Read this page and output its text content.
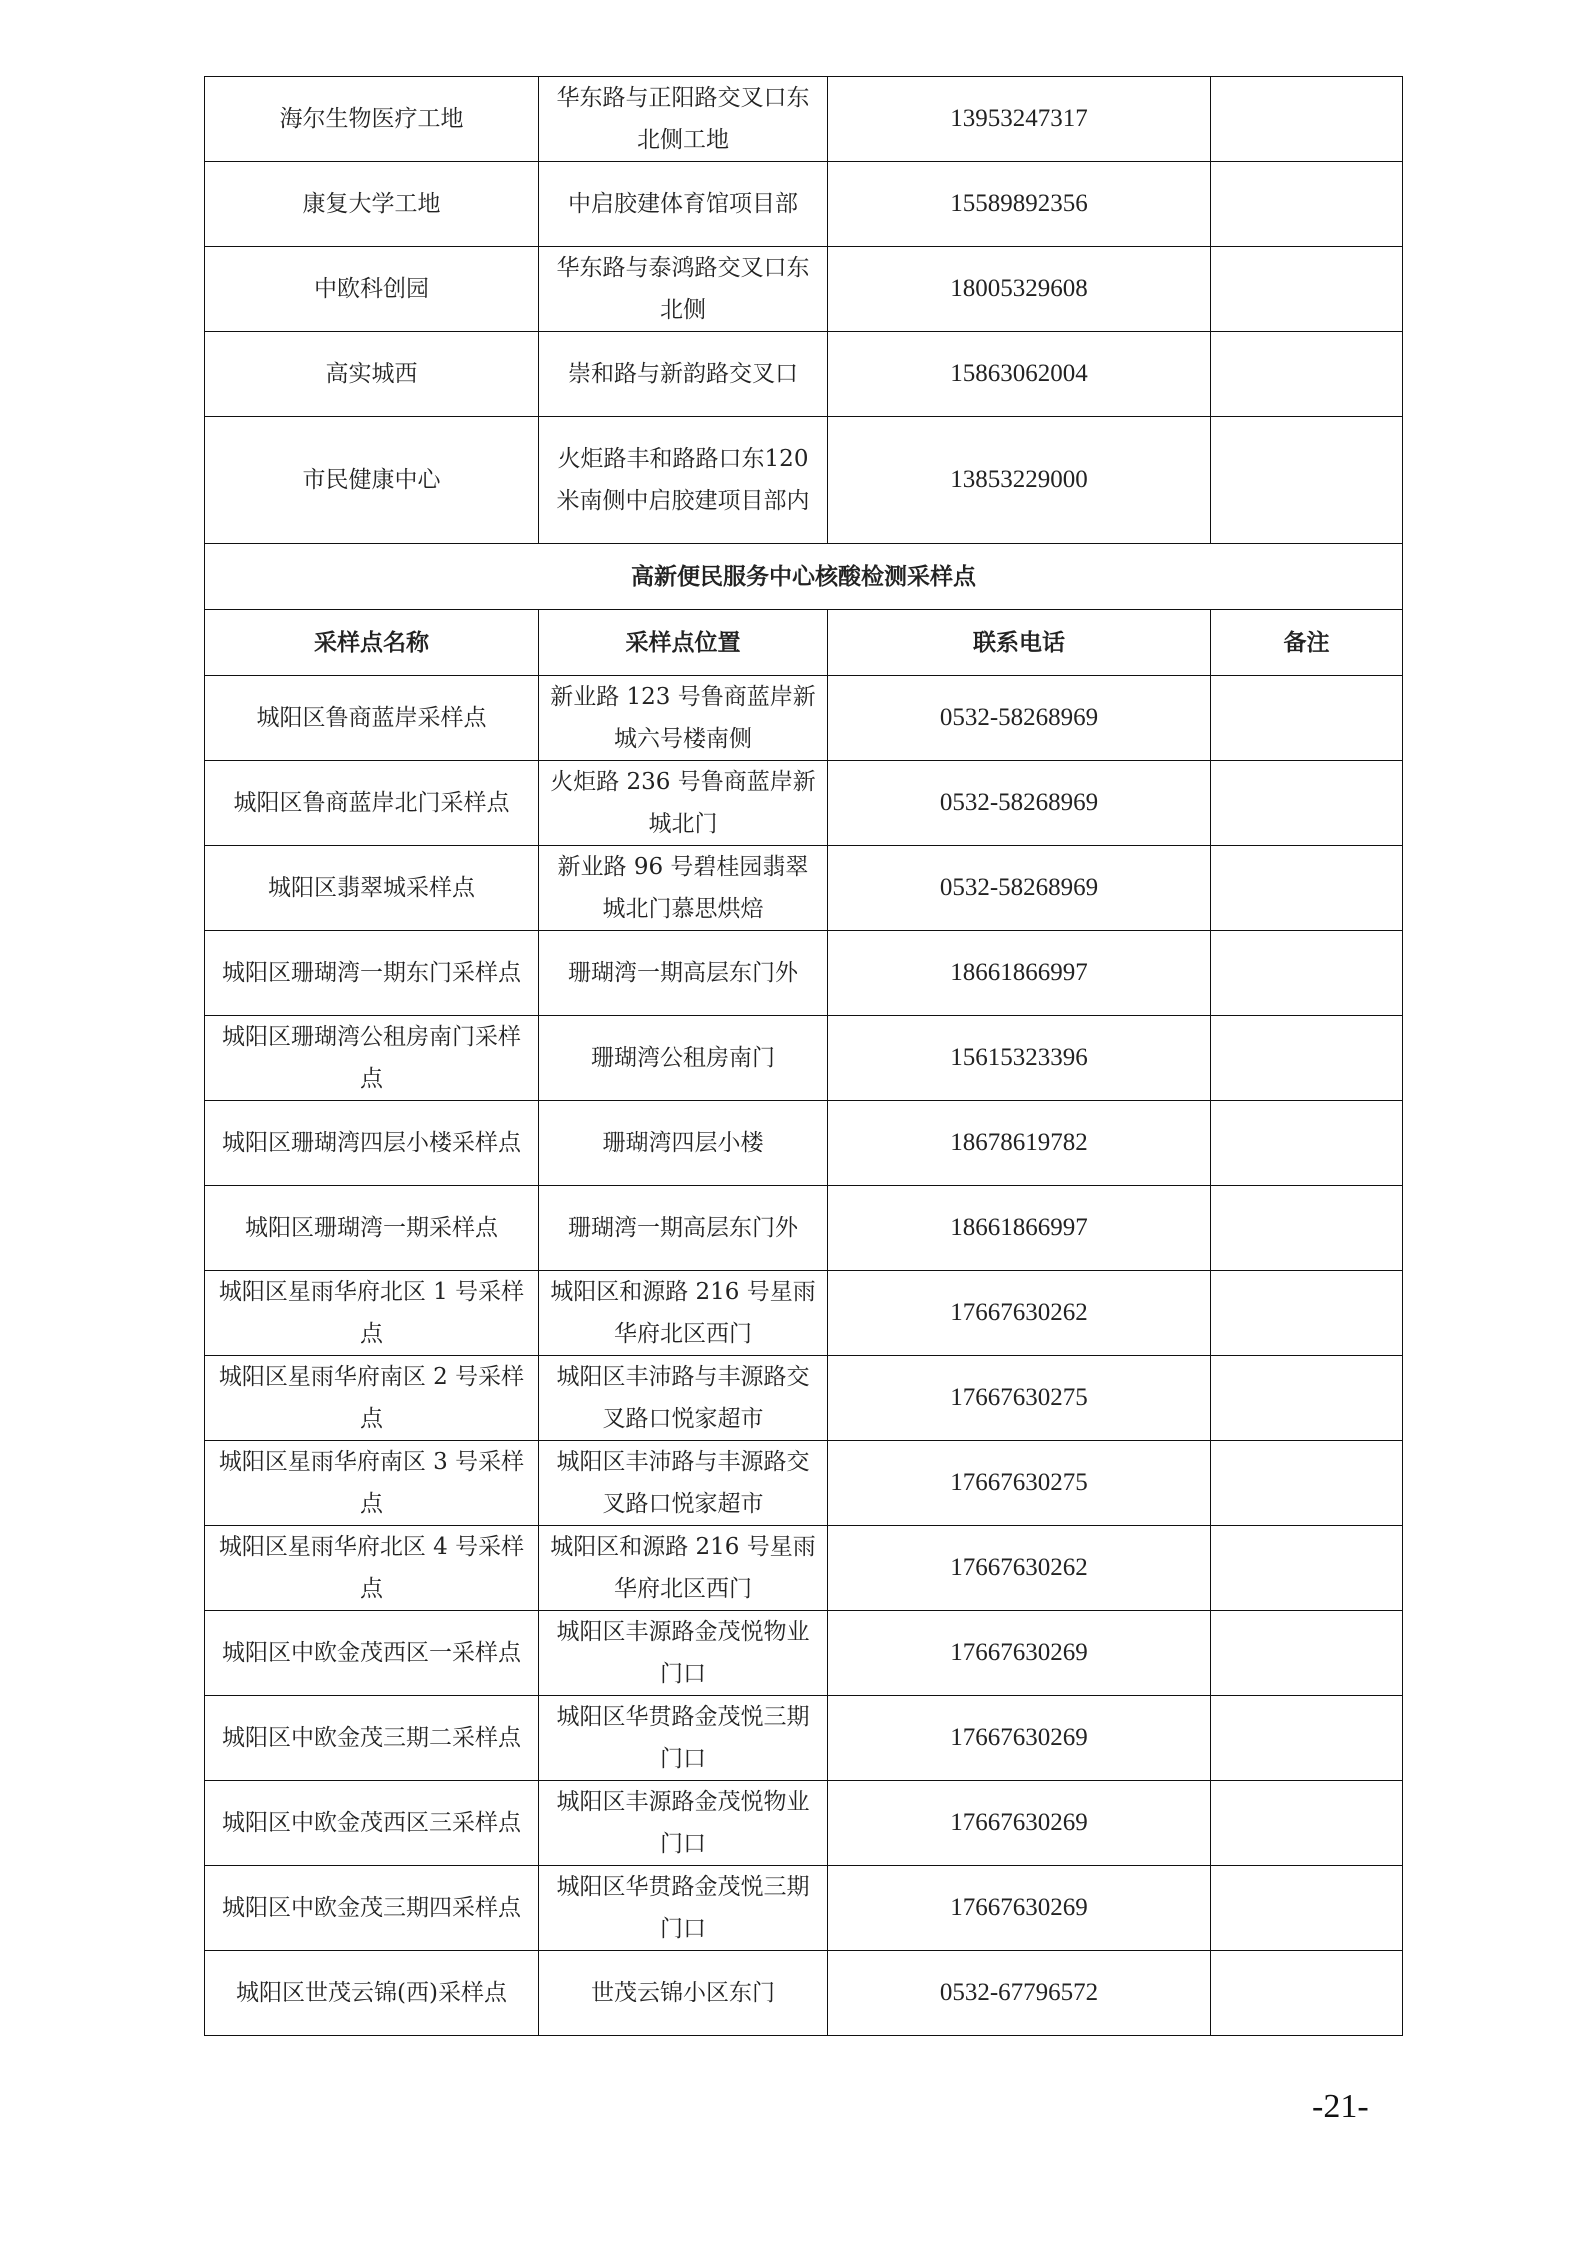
海尔生物医疗工地	华东路与正阳路交叉口东北侧工地	13953247317	
康复大学工地	中启胶建体育馆项目部	15589892356	
中欧科创园	华东路与泰鸿路交叉口东北侧	18005329608	
高实城西	崇和路与新韵路交叉口	15863062004	
市民健康中心	火炬路丰和路路口东120米南侧中启胶建项目部内	13853229000	
高新便民服务中心核酸检测采样点			
采样点名称	采样点位置	联系电话	备注
城阳区鲁商蓝岸采样点	新业路 123 号鲁商蓝岸新城六号楼南侧	0532-58268969	
城阳区鲁商蓝岸北门采样点	火炬路 236 号鲁商蓝岸新城北门	0532-58268969	
城阳区翡翠城采样点	新业路 96 号碧桂园翡翠城北门慕思烘焙	0532-58268969	
城阳区珊瑚湾一期东门采样点	珊瑚湾一期高层东门外	18661866997	
城阳区珊瑚湾公租房南门采样点	珊瑚湾公租房南门	15615323396	
城阳区珊瑚湾四层小楼采样点	珊瑚湾四层小楼	18678619782	
城阳区珊瑚湾一期采样点	珊瑚湾一期高层东门外	18661866997	
城阳区星雨华府北区 1 号采样点	城阳区和源路 216 号星雨华府北区西门	17667630262	
城阳区星雨华府南区 2 号采样点	城阳区丰沛路与丰源路交叉路口悦家超市	17667630275	
城阳区星雨华府南区 3 号采样点	城阳区丰沛路与丰源路交叉路口悦家超市	17667630275	
城阳区星雨华府北区 4 号采样点	城阳区和源路 216 号星雨华府北区西门	17667630262	
城阳区中欧金茂西区一采样点	城阳区丰源路金茂悦物业门口	17667630269	
城阳区中欧金茂三期二采样点	城阳区华贯路金茂悦三期门口	17667630269	
城阳区中欧金茂西区三采样点	城阳区丰源路金茂悦物业门口	17667630269	
城阳区中欧金茂三期四采样点	城阳区华贯路金茂悦三期门口	17667630269	
城阳区世茂云锦(西)采样点	世茂云锦小区东门	0532-67796572	
-21-
